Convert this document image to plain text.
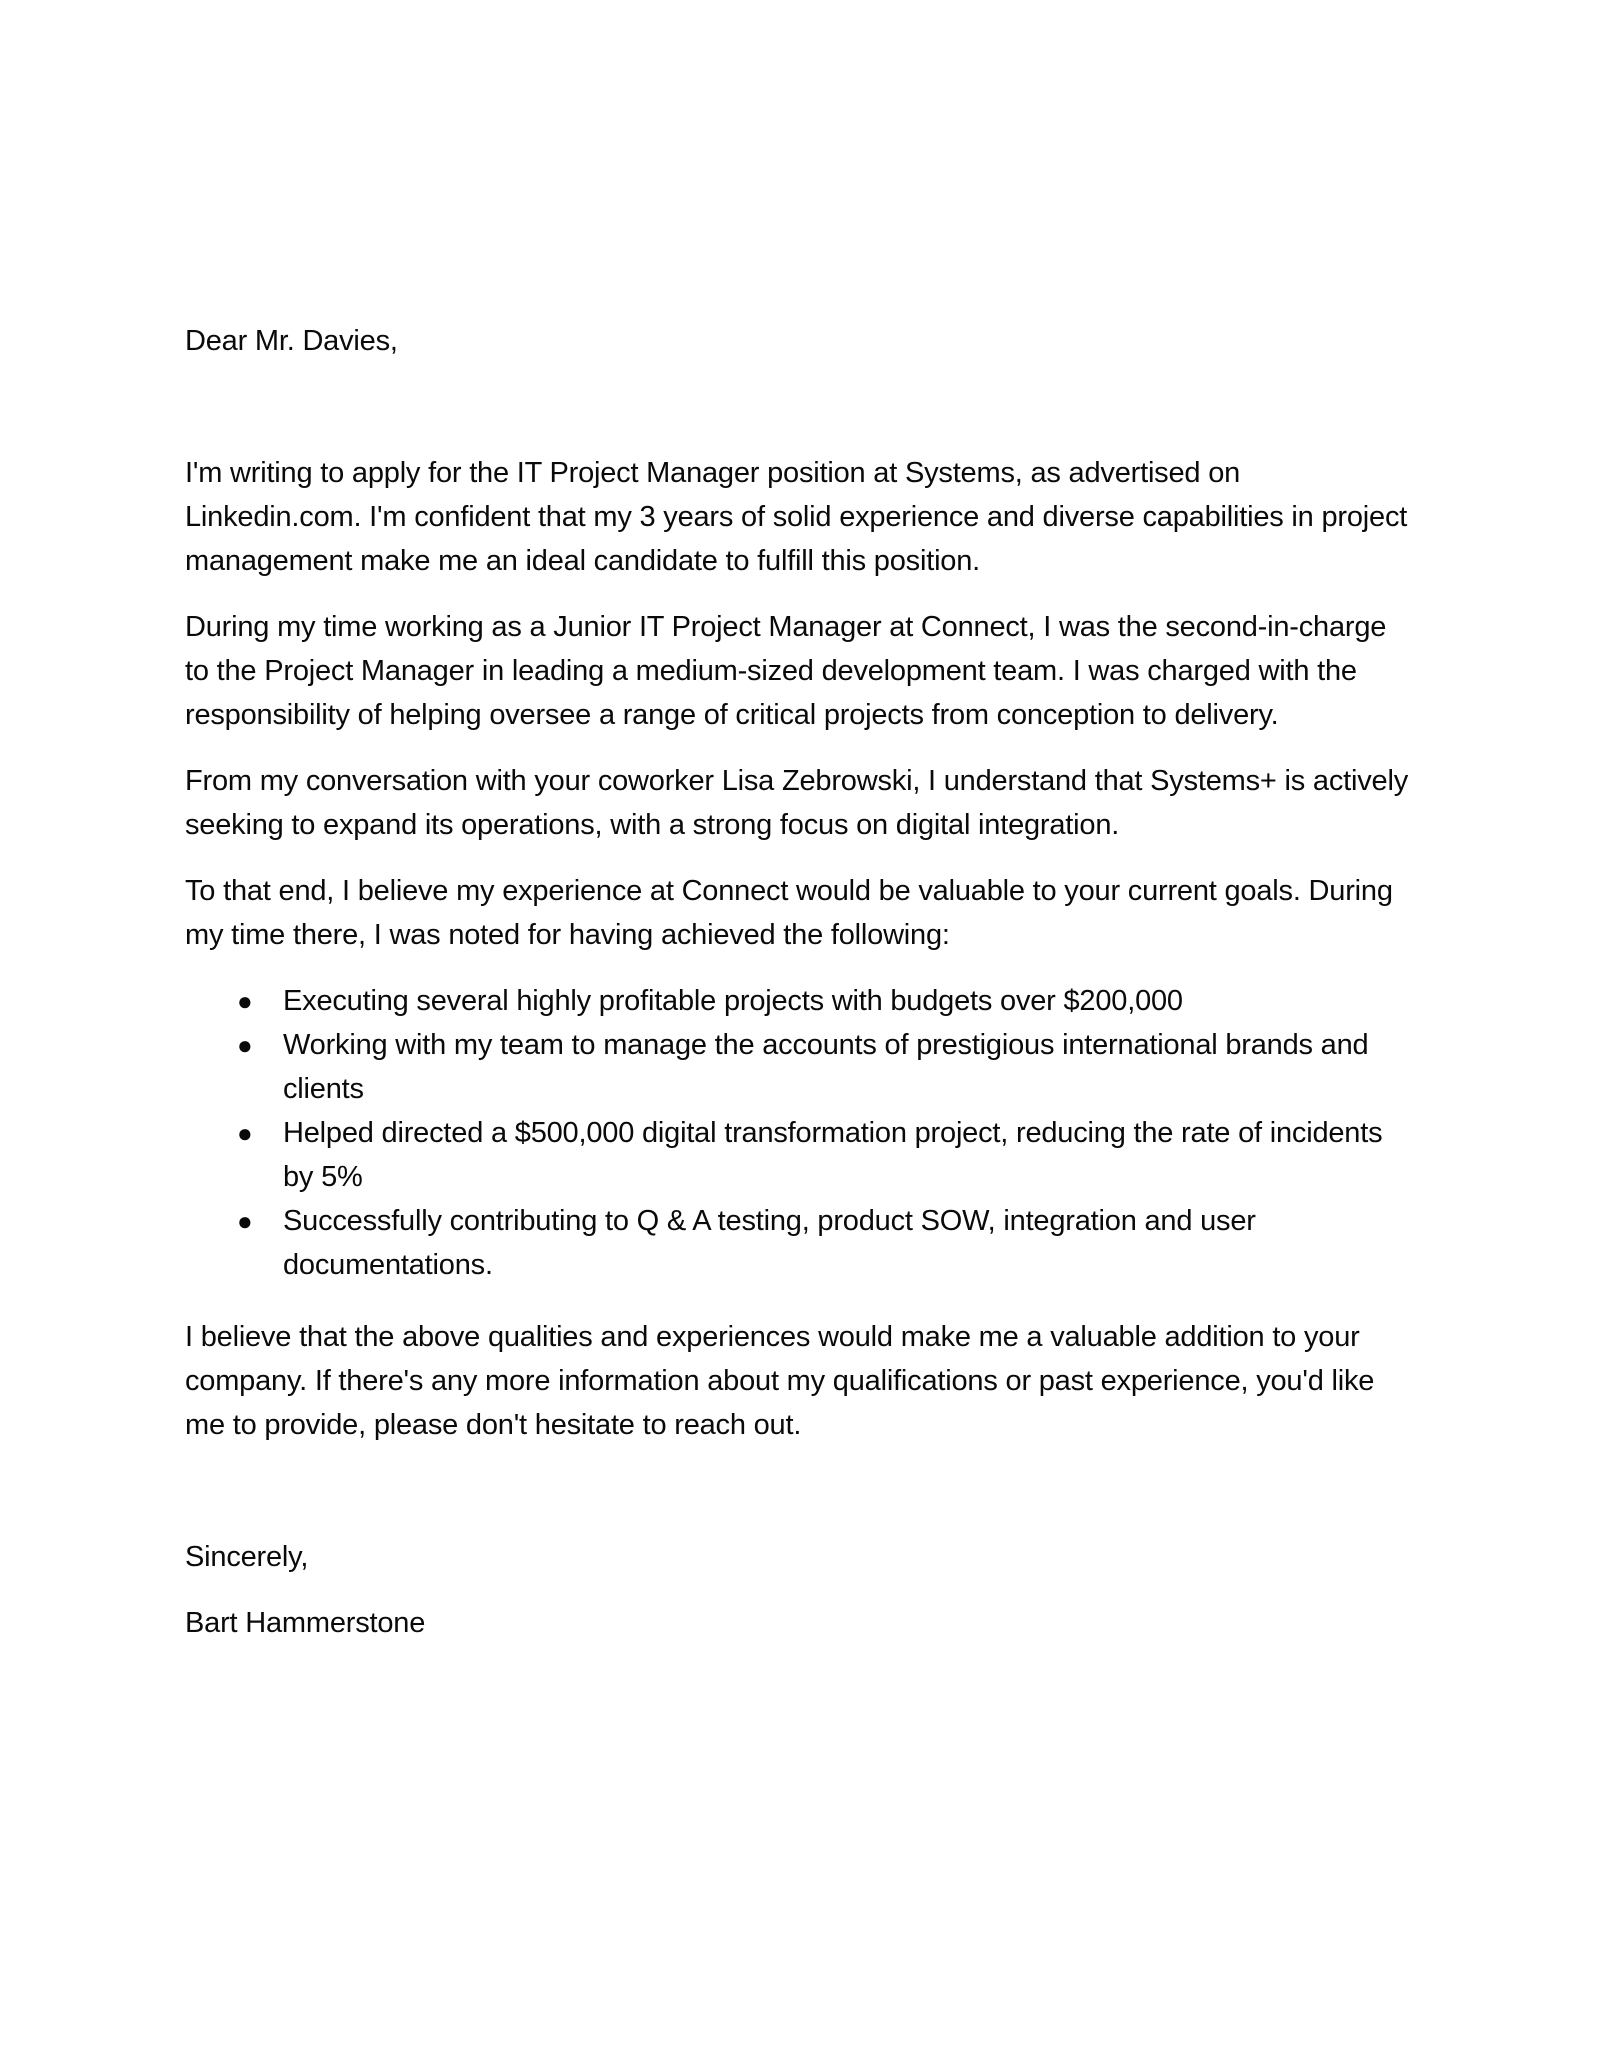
Dear Mr. Davies,

I'm writing to apply for the IT Project Manager position at Systems, as advertised on Linkedin.com. I'm confident that my 3 years of solid experience and diverse capabilities in project management make me an ideal candidate to fulfill this position.

During my time working as a Junior IT Project Manager at Connect, I was the second-in-charge to the Project Manager in leading a medium-sized development team. I was charged with the responsibility of helping oversee a range of critical projects from conception to delivery.

From my conversation with your coworker Lisa Zebrowski, I understand that Systems+ is actively seeking to expand its operations, with a strong focus on digital integration.

To that end, I believe my experience at Connect would be valuable to your current goals. During my time there, I was noted for having achieved the following:

● Executing several highly profitable projects with budgets over $200,000
● Working with my team to manage the accounts of prestigious international brands and clients
● Helped directed a $500,000 digital transformation project, reducing the rate of incidents by 5%
● Successfully contributing to Q & A testing, product SOW, integration and user documentations.

I believe that the above qualities and experiences would make me a valuable addition to your company. If there's any more information about my qualifications or past experience, you'd like me to provide, please don't hesitate to reach out.

Sincerely,

Bart Hammerstone
